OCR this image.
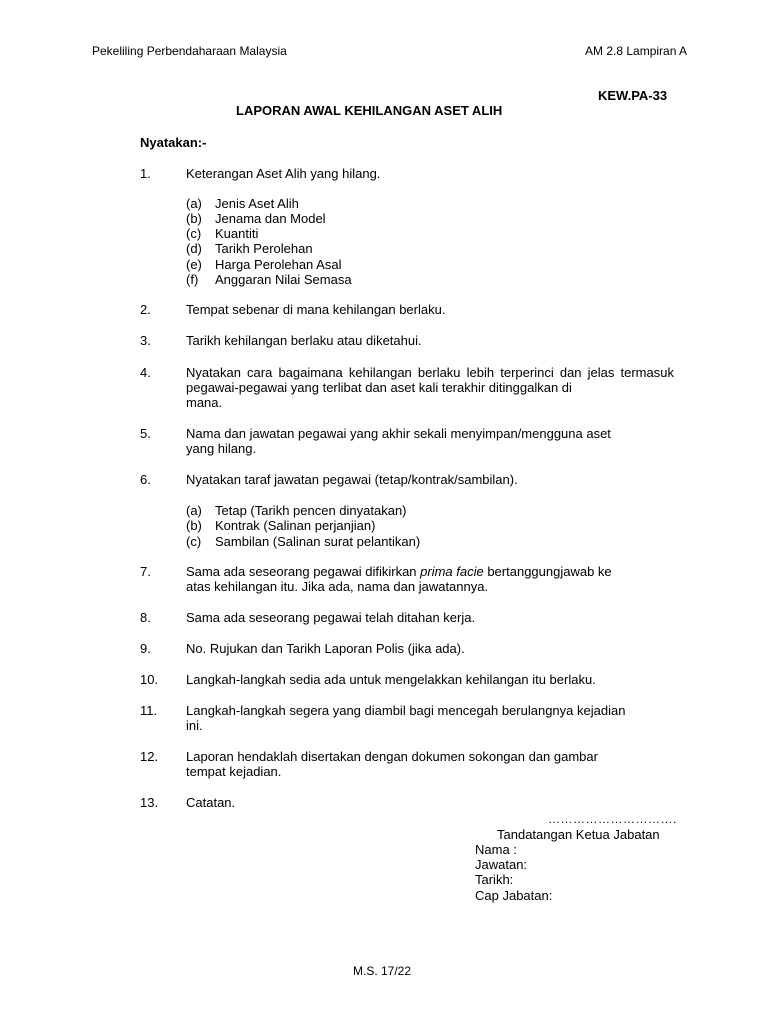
Pekeliling Perbendaharaan Malaysia	AM 2.8 Lampiran A
KEW.PA-33
LAPORAN AWAL KEHILANGAN ASET ALIH
Nyatakan:-
1.	Keterangan Aset Alih yang hilang.
(a) Jenis Aset Alih
(b) Jenama dan Model
(c) Kuantiti
(d) Tarikh Perolehan
(e) Harga Perolehan Asal
(f) Anggaran Nilai Semasa
2.	Tempat sebenar di mana kehilangan berlaku.
3.	Tarikh kehilangan berlaku atau diketahui.
4.	Nyatakan cara bagaimana kehilangan berlaku lebih terperinci dan jelas termasuk pegawai-pegawai yang terlibat dan aset kali terakhir ditinggalkan di
mana.
5.	Nama dan jawatan pegawai yang akhir sekali menyimpan/mengguna aset
yang hilang.
6.	Nyatakan taraf jawatan pegawai (tetap/kontrak/sambilan).
(a) Tetap (Tarikh pencen dinyatakan)
(b) Kontrak (Salinan perjanjian)
(c) Sambilan (Salinan surat pelantikan)
7.	Sama ada seseorang pegawai difikirkan prima facie bertanggungjawab ke
atas kehilangan itu. Jika ada, nama dan jawatannya.
8.	Sama ada seseorang pegawai telah ditahan kerja.
9.	No. Rujukan dan Tarikh Laporan Polis (jika ada).
10. Langkah-langkah sedia ada untuk mengelakkan kehilangan itu berlaku.
11. Langkah-langkah segera yang diambil bagi mencegah berulangnya kejadian
ini.
12. Laporan hendaklah disertakan dengan dokumen sokongan dan gambar
tempat kejadian.
13. Catatan.
………………………….
Tandatangan Ketua Jabatan
Nama :
Jawatan:
Tarikh:
Cap Jabatan:
M.S. 17/22
